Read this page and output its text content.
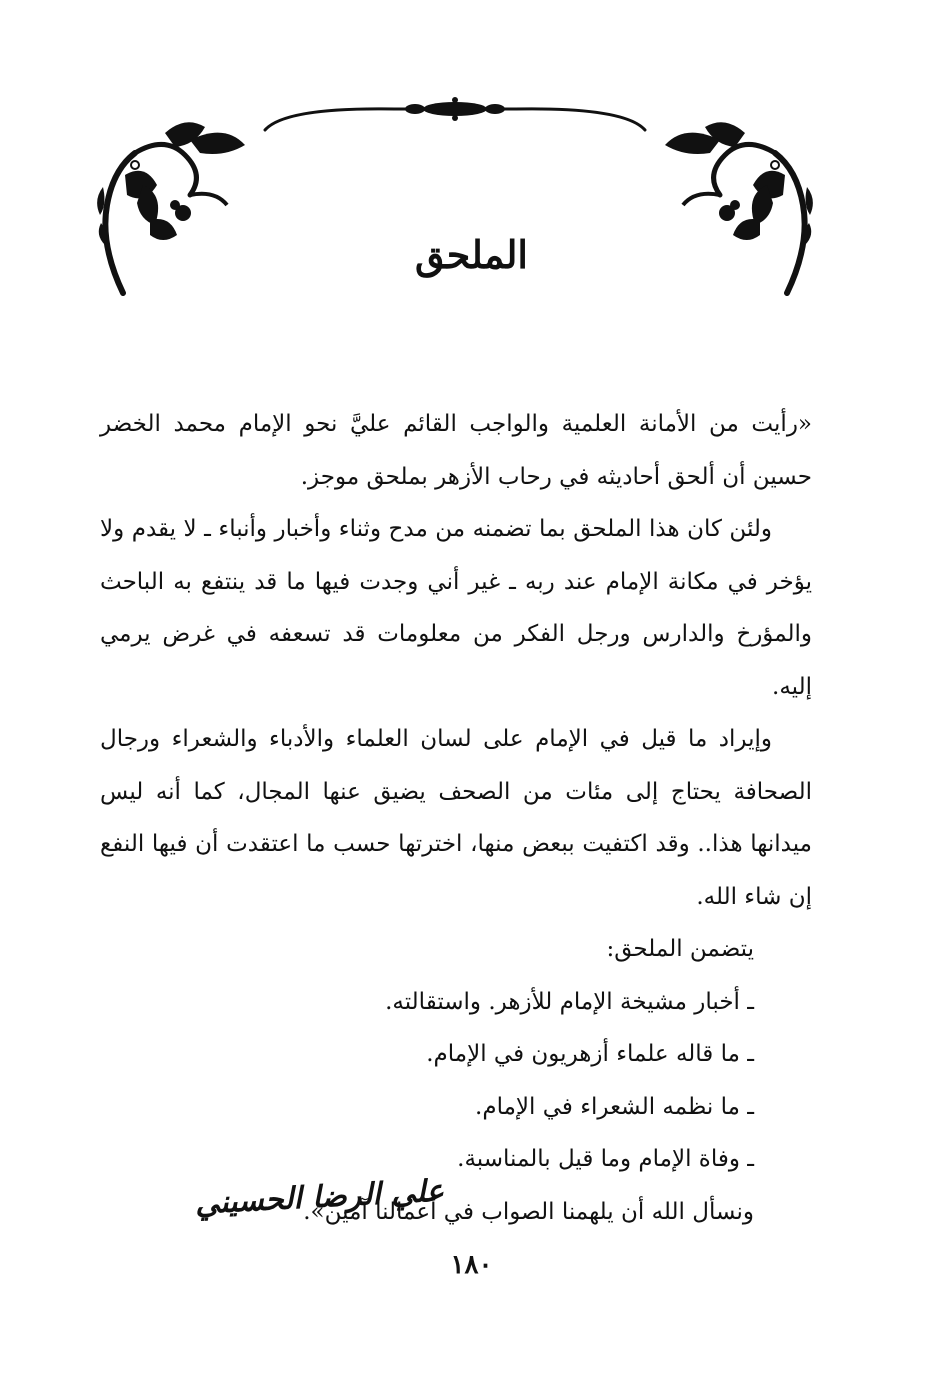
الملحق

«رأيت من الأمانة العلمية والواجب القائم عليَّ نحو الإمام محمد الخضر حسين أن ألحق أحاديثه في رحاب الأزهر بملحق موجز.

ولئن كان هذا الملحق بما تضمنه من مدح وثناء وأخبار وأنباء ـ لا يقدم ولا يؤخر في مكانة الإمام عند ربه ـ غير أني وجدت فيها ما قد ينتفع به الباحث والمؤرخ والدارس ورجل الفكر من معلومات قد تسعفه في غرض يرمي إليه.

وإيراد ما قيل في الإمام على لسان العلماء والأدباء والشعراء ورجال الصحافة يحتاج إلى مئات من الصحف يضيق عنها المجال، كما أنه ليس ميدانها هذا.. وقد اكتفيت ببعض منها، اخترتها حسب ما اعتقدت أن فيها النفع إن شاء الله.

يتضمن الملحق:

ـ أخبار مشيخة الإمام للأزهر. واستقالته.

ـ ما قاله علماء أزهريون في الإمام.

ـ ما نظمه الشعراء في الإمام.

ـ وفاة الإمام وما قيل بالمناسبة.

ونسأل الله أن يلهمنا الصواب في أعمالنا آمين».

علي الرضا الحسيني
١٨٠
